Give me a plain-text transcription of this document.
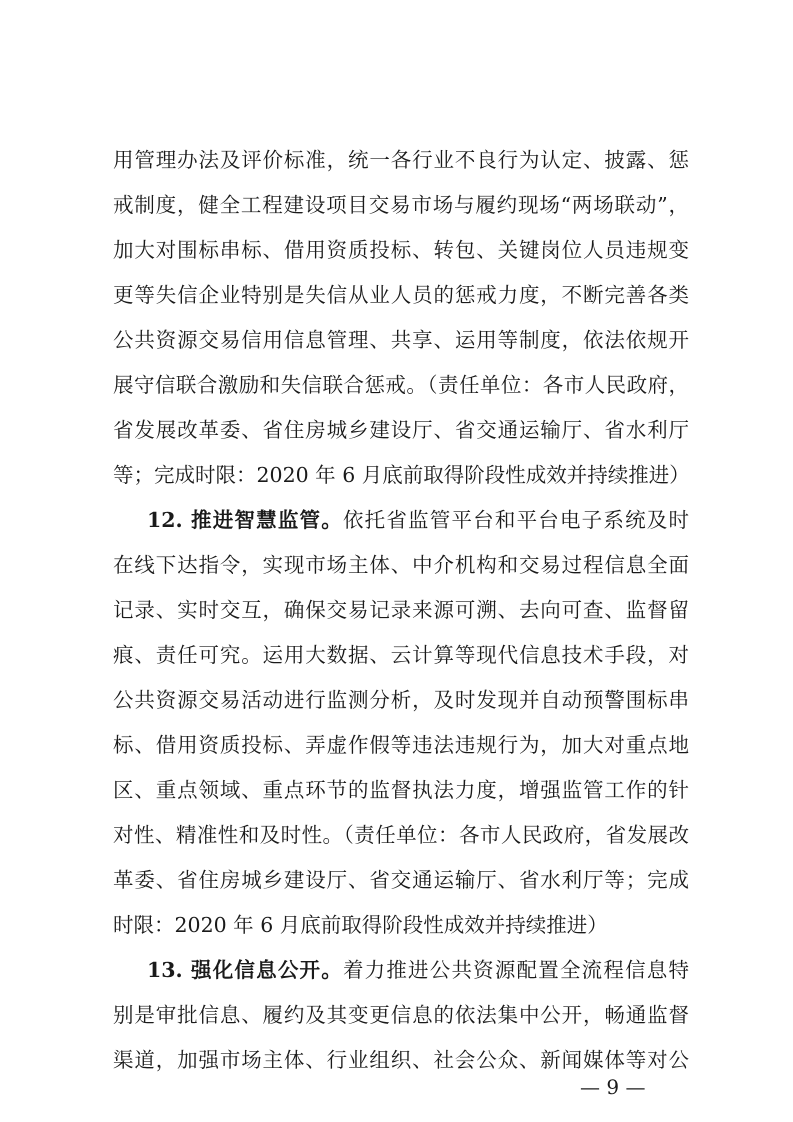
用管理办法及评价标准，统一各行业不良行为认定、披露、惩
戒制度，健全工程建设项目交易市场与履约现场“两场联动”，
加大对围标串标、借用资质投标、转包、关键岗位人员违规变
更等失信企业特别是失信从业人员的惩戒力度，不断完善各类
公共资源交易信用信息管理、共享、运用等制度，依法依规开
展守信联合激励和失信联合惩戒。（责任单位：各市人民政府，
省发展改革委、省住房城乡建设厅、省交通运输厅、省水利厅
等；完成时限：2020 年 6 月底前取得阶段性成效并持续推进）
12. 推进智慧监管。依托省监管平台和平台电子系统及时
在线下达指令，实现市场主体、中介机构和交易过程信息全面
记录、实时交互，确保交易记录来源可溯、去向可查、监督留
痕、责任可究。运用大数据、云计算等现代信息技术手段，对
公共资源交易活动进行监测分析，及时发现并自动预警围标串
标、借用资质投标、弄虚作假等违法违规行为，加大对重点地
区、重点领域、重点环节的监督执法力度，增强监管工作的针
对性、精准性和及时性。（责任单位：各市人民政府，省发展改
革委、省住房城乡建设厅、省交通运输厅、省水利厅等；完成
时限：2020 年 6 月底前取得阶段性成效并持续推进）
13. 强化信息公开。着力推进公共资源配置全流程信息特
别是审批信息、履约及其变更信息的依法集中公开，畅通监督
渠道，加强市场主体、行业组织、社会公众、新闻媒体等对公
— 9 —
